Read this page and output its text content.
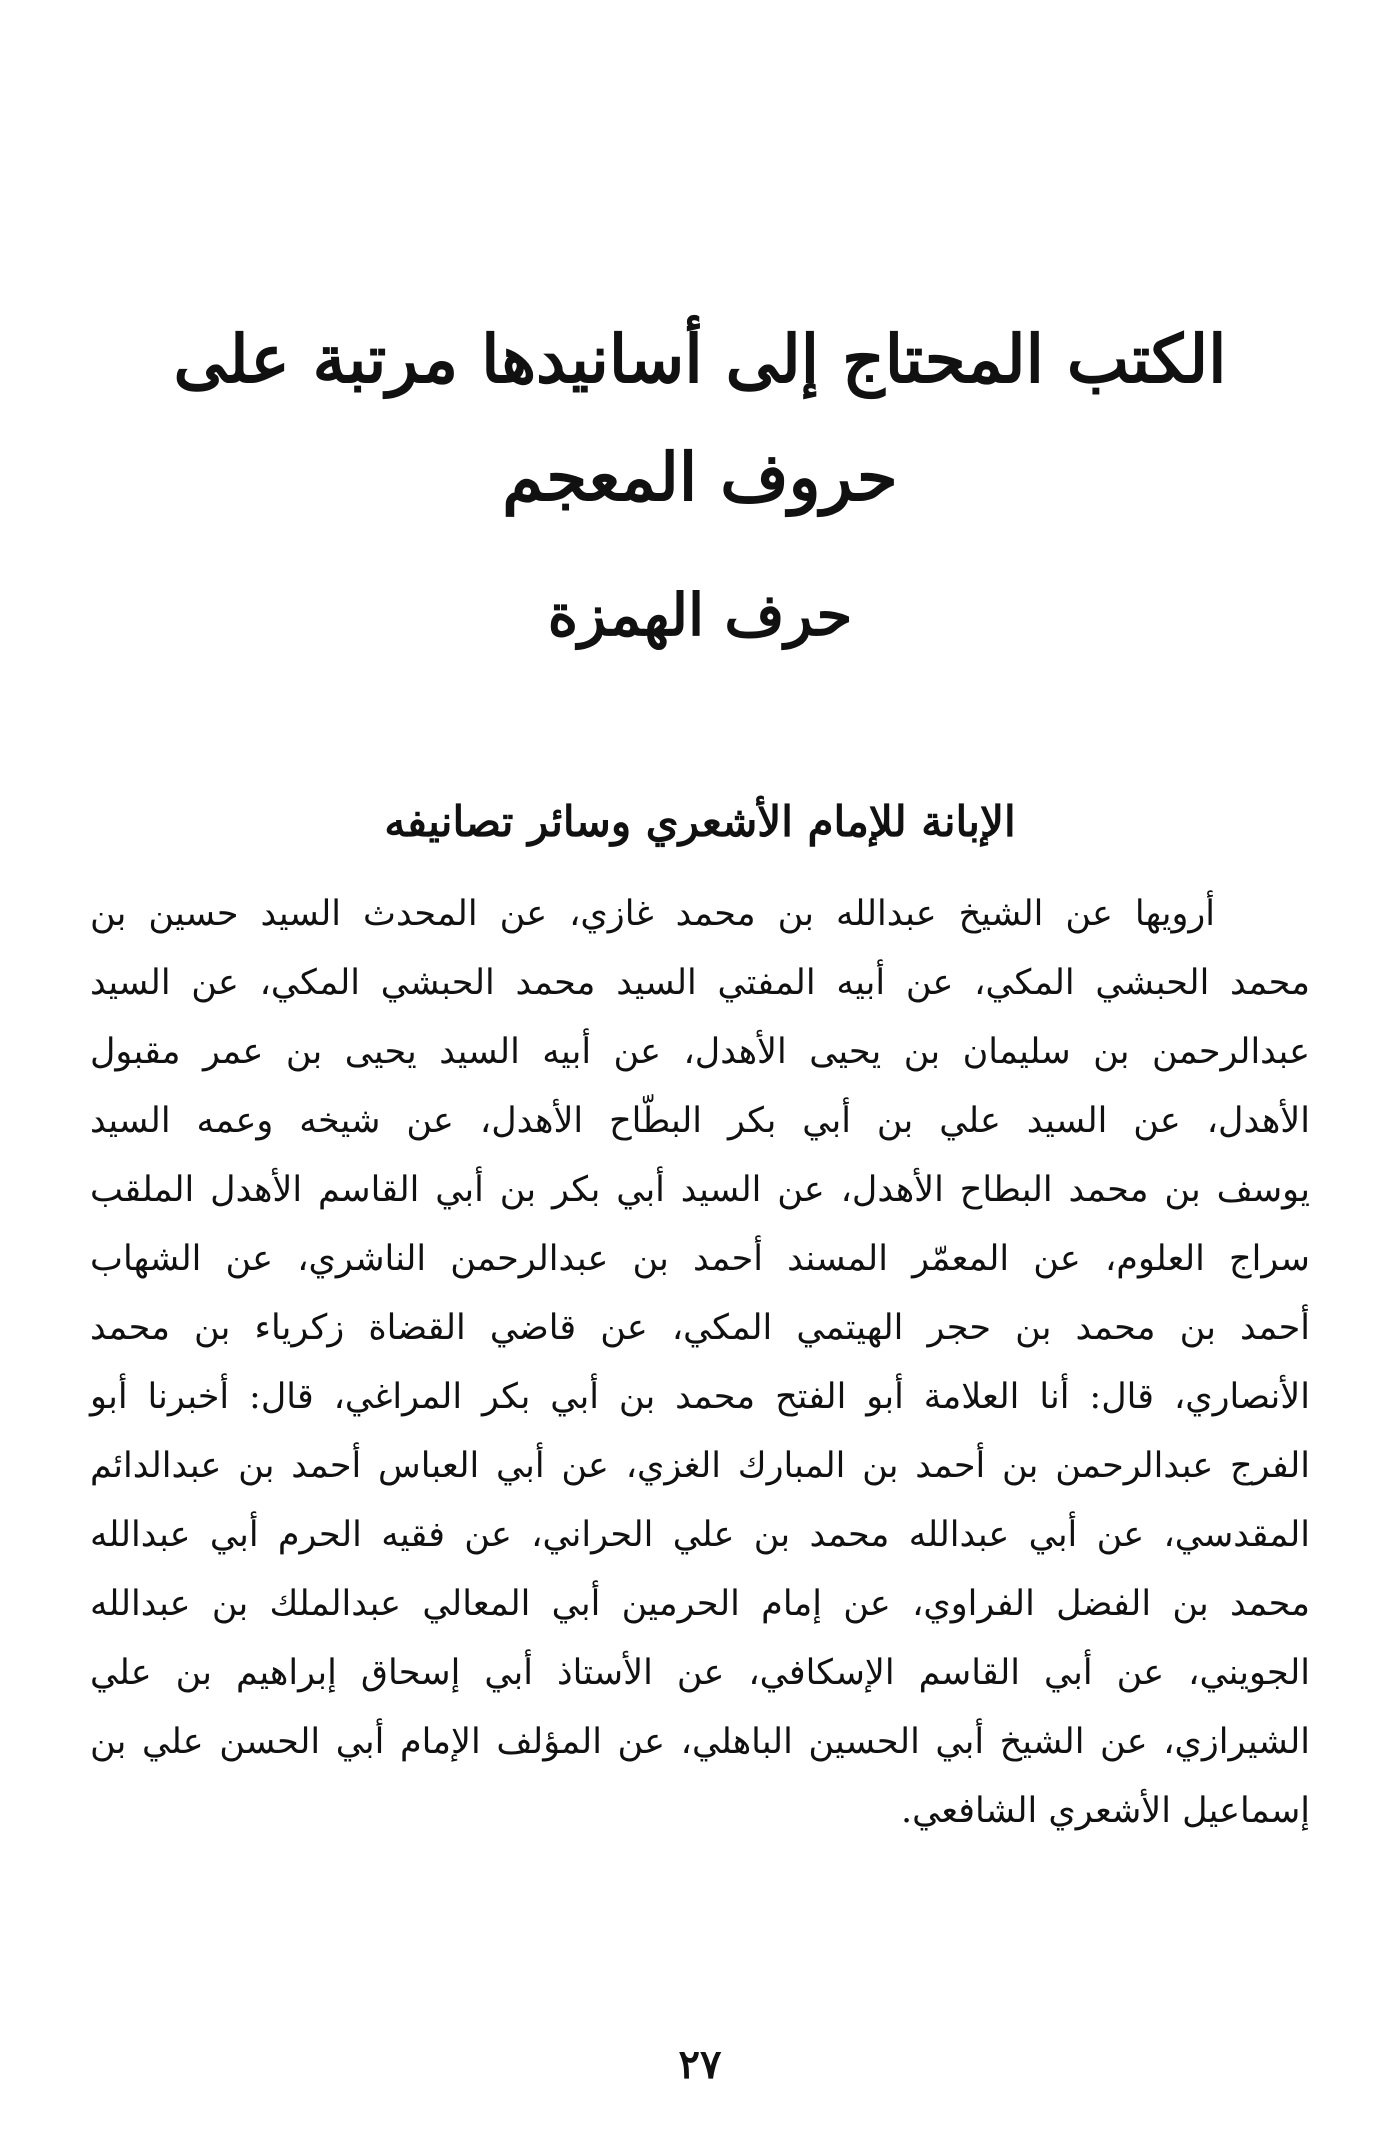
الكتب المحتاج إلى أسانيدها مرتبة على
حروف المعجم
حرف الهمزة
الإبانة للإمام الأشعري وسائر تصانيفه

أرويها عن الشيخ عبدالله بن محمد غازي، عن المحدث السيد حسين بن
محمد الحبشي المكي، عن أبيه المفتي السيد محمد الحبشي المكي، عن السيد
عبدالرحمن بن سليمان بن يحيى الأهدل، عن أبيه السيد يحيى بن عمر مقبول
الأهدل، عن السيد علي بن أبي بكر البطّاح الأهدل، عن شيخه وعمه السيد
يوسف بن محمد البطاح الأهدل، عن السيد أبي بكر بن أبي القاسم الأهدل الملقب
سراج العلوم، عن المعمّر المسند أحمد بن عبدالرحمن الناشري، عن الشهاب
أحمد بن محمد بن حجر الهيتمي المكي، عن قاضي القضاة زكرياء بن محمد
الأنصاري، قال: أنا العلامة أبو الفتح محمد بن أبي بكر المراغي، قال: أخبرنا أبو
الفرج عبدالرحمن بن أحمد بن المبارك الغزي، عن أبي العباس أحمد بن عبدالدائم
المقدسي، عن أبي عبدالله محمد بن علي الحراني، عن فقيه الحرم أبي عبدالله
محمد بن الفضل الفراوي، عن إمام الحرمين أبي المعالي عبدالملك بن عبدالله
الجويني، عن أبي القاسم الإسكافي، عن الأستاذ أبي إسحاق إبراهيم بن علي
الشيرازي، عن الشيخ أبي الحسين الباهلي، عن المؤلف الإمام أبي الحسن علي بن
إسماعيل الأشعري الشافعي.

٢٧
